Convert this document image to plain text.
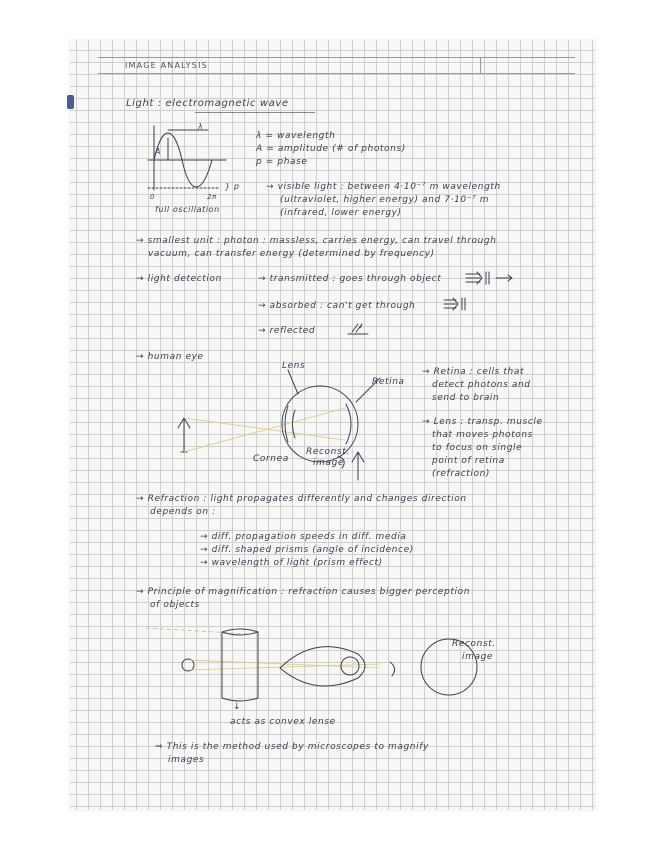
IMAGE ANALYSIS

Light : electromagnetic wave

λ

A

} p

0	2π

full oscillation

λ = wavelength

A = amplitude (# of photons)

p = phase

→ visible light : between 4·10⁻⁷ m wavelength

(ultraviolet, higher energy) and 7·10⁻⁷ m

(infrared, lower energy)

→ smallest unit : photon : massless, carries energy, can travel through

vacuum, can transfer energy (determined by frequency)

→ light detection	→ transmitted : goes through object

→ absorbed : can't get through

→ reflected

→ human eye

Lens

Retina

Cornea

Reconst.

image

→ Retina : cells that

detect photons and

send to brain

→ Lens : transp. muscle

that moves photons

to focus on single

point of retina

(refraction)

→ Refraction : light propagates differently and changes direction

depends on :

→ diff. propagation speeds in diff. media

→ diff. shaped prisms (angle of incidence)

→ wavelength of light (prism effect)

→ Principle of magnification : refraction causes bigger perception

of objects

Reconst.

image

↓

acts as convex lense

⇒ This is the method used by microscopes to magnify

images
